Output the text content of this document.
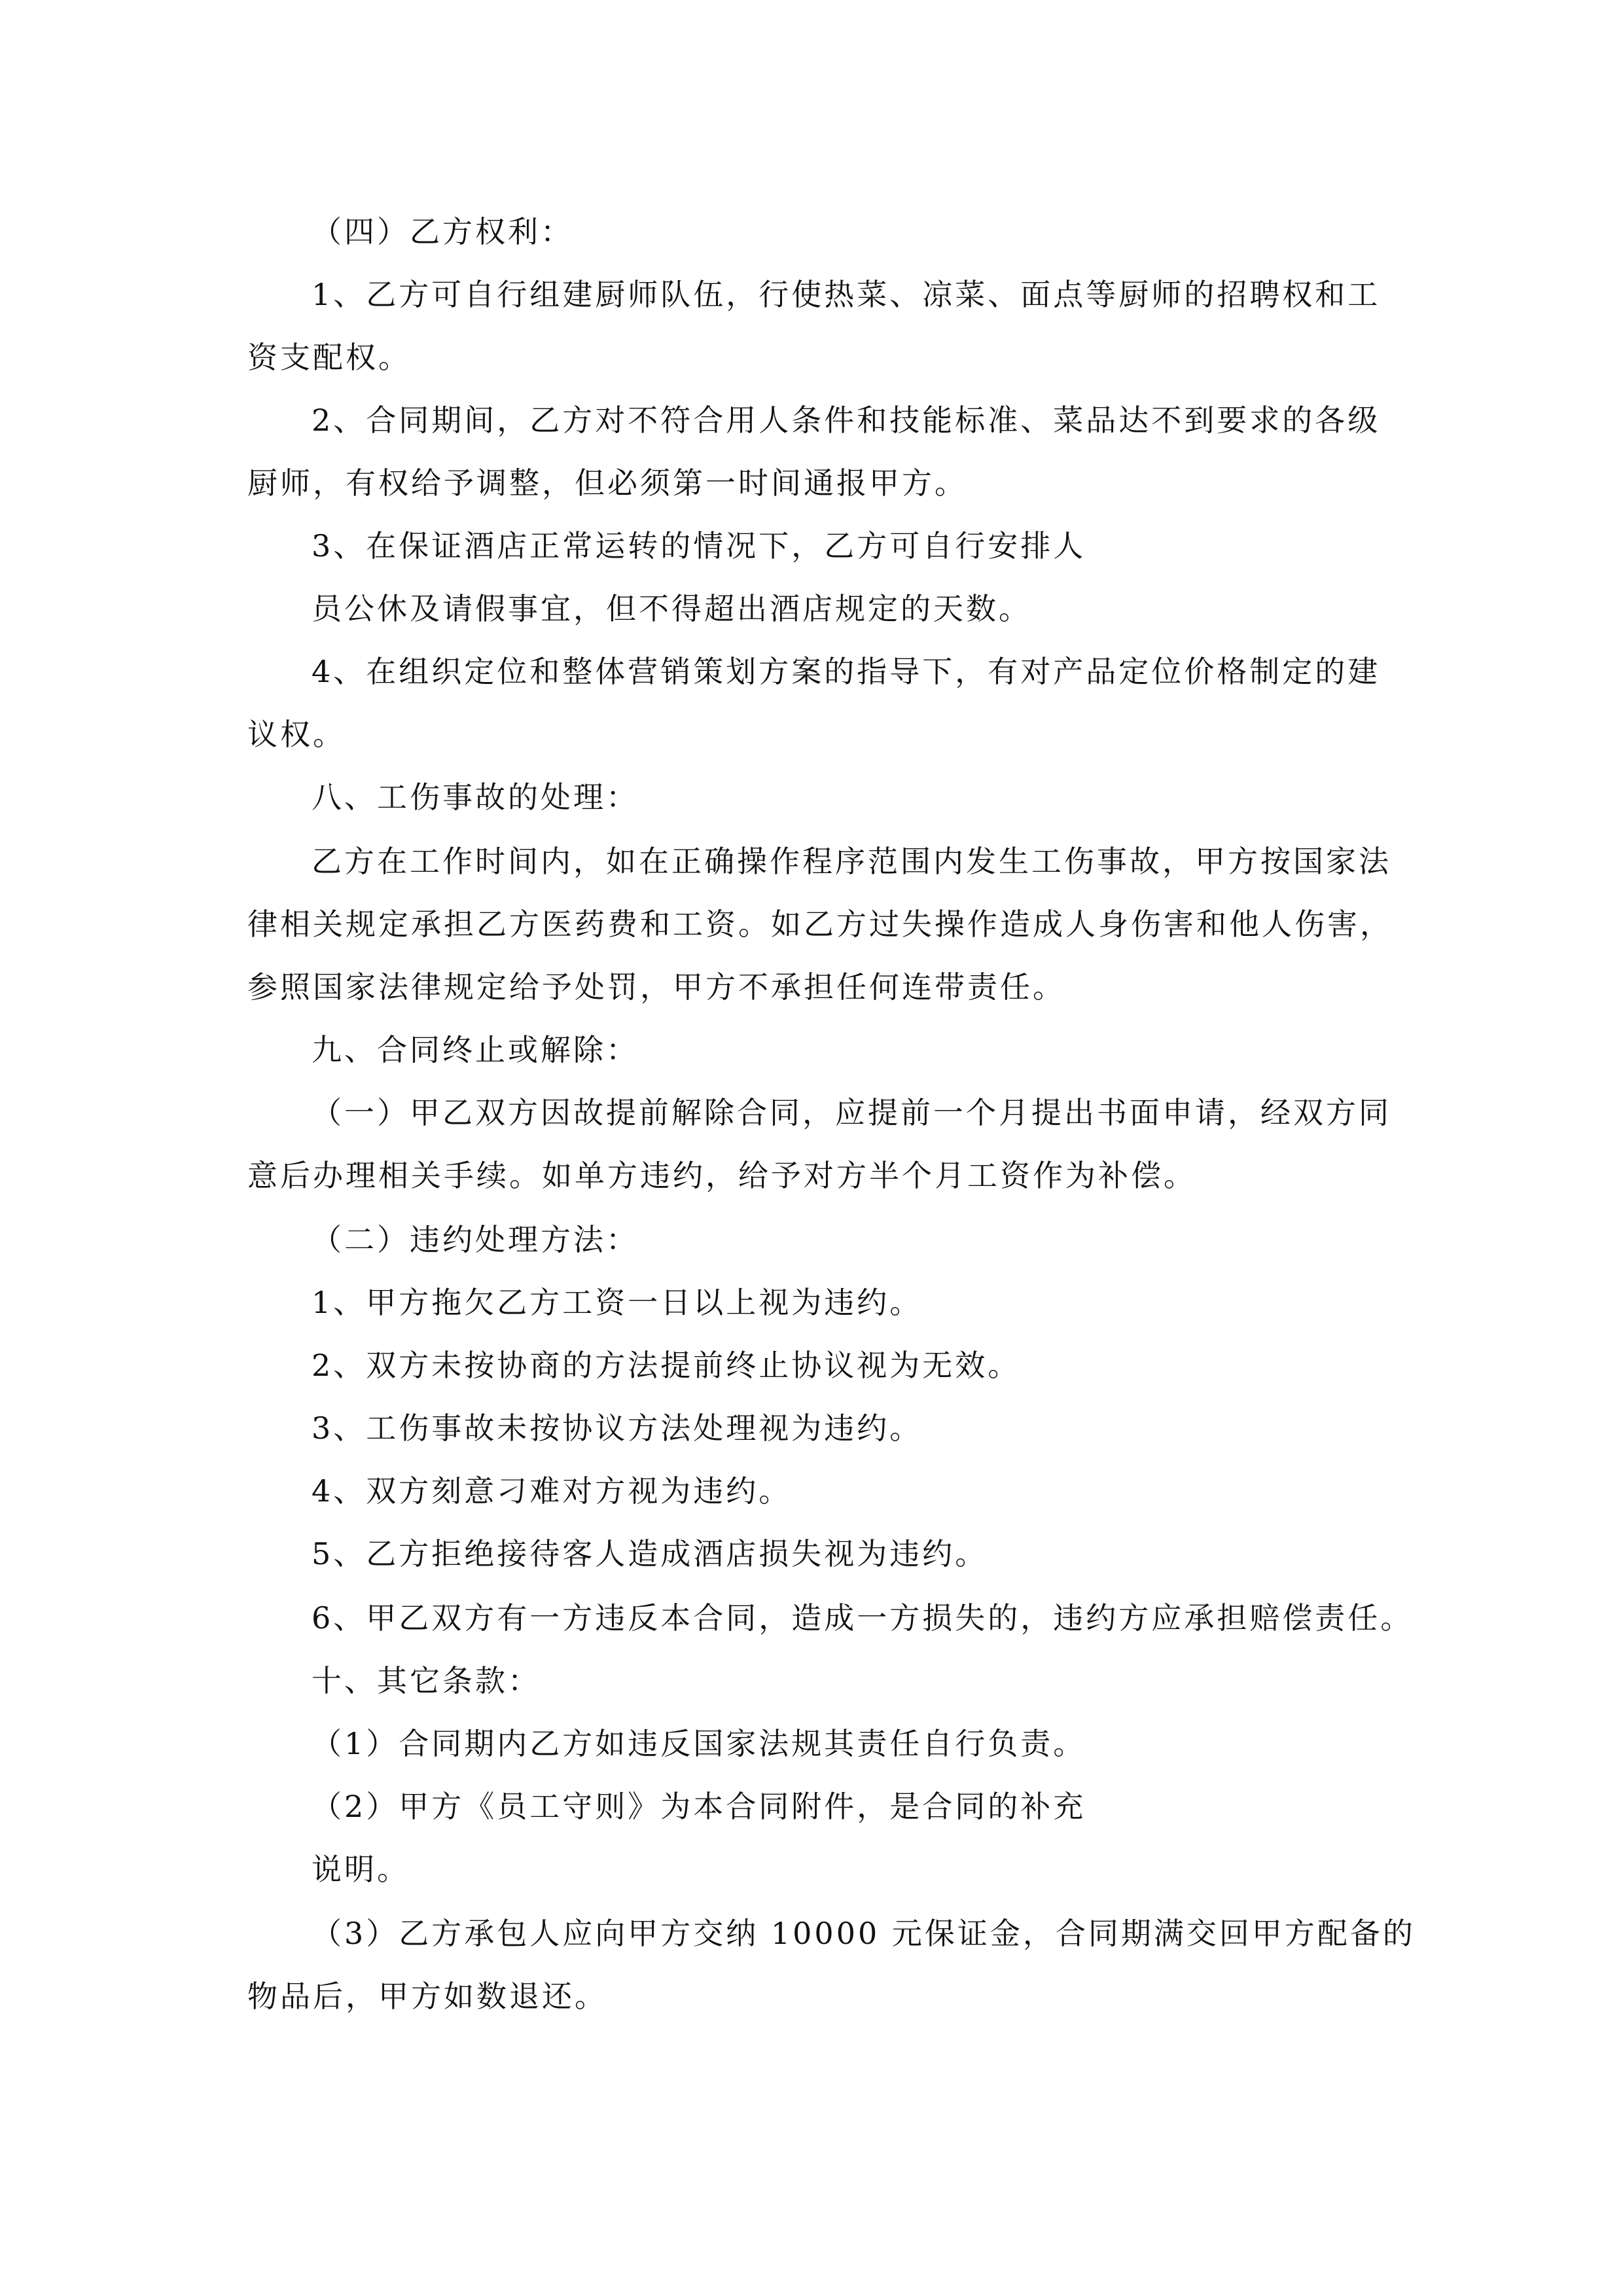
（四）乙方权利：
1、乙方可自行组建厨师队伍，行使热菜、凉菜、面点等厨师的招聘权和工
资支配权。
2、合同期间，乙方对不符合用人条件和技能标准、菜品达不到要求的各级
厨师，有权给予调整，但必须第一时间通报甲方。
3、在保证酒店正常运转的情况下，乙方可自行安排人
员公休及请假事宜，但不得超出酒店规定的天数。
4、在组织定位和整体营销策划方案的指导下，有对产品定位价格制定的建
议权。
八、工伤事故的处理：
乙方在工作时间内，如在正确操作程序范围内发生工伤事故，甲方按国家法
律相关规定承担乙方医药费和工资。如乙方过失操作造成人身伤害和他人伤害，
参照国家法律规定给予处罚，甲方不承担任何连带责任。
九、合同终止或解除：
（一）甲乙双方因故提前解除合同，应提前一个月提出书面申请，经双方同
意后办理相关手续。如单方违约，给予对方半个月工资作为补偿。
（二）违约处理方法：
1、甲方拖欠乙方工资一日以上视为违约。
2、双方未按协商的方法提前终止协议视为无效。
3、工伤事故未按协议方法处理视为违约。
4、双方刻意刁难对方视为违约。
5、乙方拒绝接待客人造成酒店损失视为违约。
6、甲乙双方有一方违反本合同，造成一方损失的，违约方应承担赔偿责任。
十、其它条款：
（1）合同期内乙方如违反国家法规其责任自行负责。
（2）甲方《员工守则》为本合同附件，是合同的补充
说明。
（3）乙方承包人应向甲方交纳 10000 元保证金，合同期满交回甲方配备的
物品后，甲方如数退还。
